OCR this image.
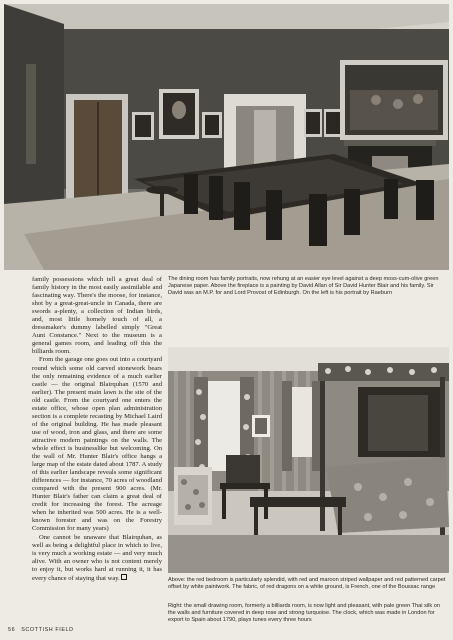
family possessions which tell a great deal of family history in the most easily assimilable and fascinating way. There's the moose, for instance, shot by a great-great-uncle in Canada, there are swords a-plenty, a collection of Indian birds, and, most little homely touch of all, a dressmaker's dummy labelled simply "Great Aunt Constance." Next to the museum is a general games room, and leading off this the billiards room.

From the garage one goes out into a courtyard round which some old carved stonework bears the only remaining evidence of a much earlier castle — the original Blairquhan (1570 and earlier). The present main lawn is the site of the old castle. From the courtyard one enters the estate office, whose open plan administration section is a complete recasting by Michael Laird of the original building. He has made pleasant use of wood, iron and glass, and there are some attractive modern paintings on the walls. The whole effect is businesslike but welcoming. On the wall of Mr. Hunter Blair's office hangs a large map of the estate dated about 1787. A study of this earlier landscape reveals some significant differences — for instance, 70 acres of woodland compared with the present 900 acres. (Mr. Hunter Blair's father can claim a great deal of credit for increasing the forest. The acreage when he inherited was 500 acres. He is a well-known forester and was on the Forestry Commission for many years)

One cannot be unaware that Blairquhan, as well as being a delightful place in which to live, is very much a working estate — and very much alive. With an owner who is not content merely to enjoy it, but works hard at running it, it has every chance of staying that way.

The dining room has family portraits, now rehung at an easier eye level against a deep moss-cum-olive green Japanese paper. Above the fireplace is a painting by David Allan of Sir David Hunter Blair and his family. Sir David was an M.P. for and Lord Provost of Edinburgh. On the left is his portrait by Raeburn
Above: the red bedroom is particularly splendid, with red and maroon striped wallpaper and red patterned carpet offset by white paintwork. The fabric, of red dragons on a white ground, is French, one of the Boussac range
Right: the small drawing room, formerly a billiards room, is now light and pleasant, with pale green Thai silk on the walls and furniture covered in deep rose and strong turquoise. The clock, which was made in London for export to Spain about 1790, plays tunes every three hours
56 SCOTTISH FIELD
